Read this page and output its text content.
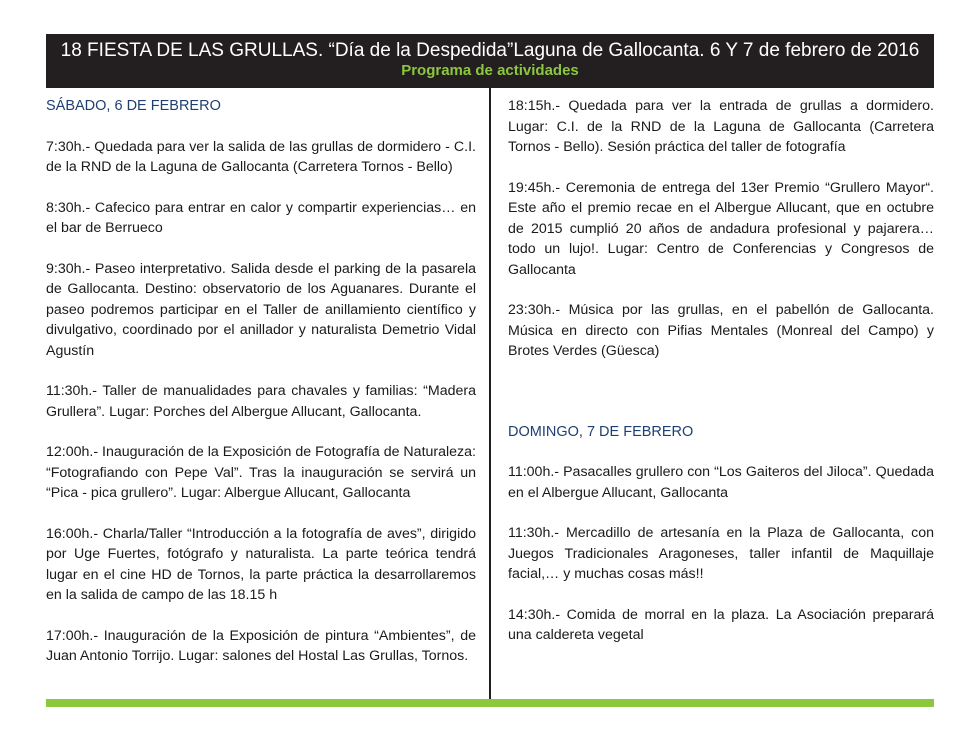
18 FIESTA DE LAS GRULLAS. “Día de la Despedida”Laguna de Gallocanta. 6 Y 7 de febrero de 2016
Programa de actividades

SÁBADO, 6 DE FEBRERO

7:30h.- Quedada para ver la salida de las grullas de dormidero - C.I. de la RND de la Laguna de Gallocanta (Carretera Tornos - Bello)

8:30h.- Cafecico para entrar en calor y compartir experiencias… en el bar de Berrueco

9:30h.- Paseo interpretativo. Salida desde el parking de la pasarela de Gallocanta. Destino: observatorio de los Aguanares. Durante el paseo podremos participar en el Taller de anillamiento científico y divulgativo, coordinado por el anillador y naturalista Demetrio Vidal Agustín

11:30h.- Taller de manualidades para chavales y familias: “Madera Grullera”. Lugar: Porches del Albergue Allucant, Gallocanta.

12:00h.- Inauguración de la Exposición de Fotografía de Naturaleza: “Fotografiando con Pepe Val”. Tras la inauguración se servirá un “Pica - pica grullero”. Lugar: Albergue Allucant, Gallocanta

16:00h.- Charla/Taller “Introducción a la fotografía de aves”, dirigido por Uge Fuertes, fotógrafo y naturalista. La parte teórica tendrá lugar en el cine HD de Tornos, la parte práctica la desarrollaremos en la salida de campo de las 18.15 h

17:00h.- Inauguración de la Exposición de pintura “Ambientes”, de Juan Antonio Torrijo. Lugar: salones del Hostal Las Grullas, Tornos.

18:15h.- Quedada para ver la entrada de grullas a dormidero. Lugar: C.I. de la RND de la Laguna de Gallocanta (Carretera Tornos - Bello). Sesión práctica del taller de fotografía

19:45h.- Ceremonia de entrega del 13er Premio “Grullero Mayor“. Este año el premio recae en el Albergue Allucant, que en octubre de 2015 cumplió 20 años de andadura profesional y pajarera… todo un lujo!. Lugar: Centro de Conferencias y Congresos de Gallocanta

23:30h.- Música por las grullas, en el pabellón de Gallocanta. Música en directo con Pifias Mentales (Monreal del Campo) y Brotes Verdes (Güesca)

DOMINGO, 7 DE FEBRERO

11:00h.- Pasacalles grullero con “Los Gaiteros del Jiloca”. Quedada en el Albergue Allucant, Gallocanta

11:30h.- Mercadillo de artesanía en la Plaza de Gallocanta, con Juegos Tradicionales Aragoneses, taller infantil de Maquillaje facial,… y muchas cosas más!!

14:30h.- Comida de morral en la plaza. La Asociación preparará una caldereta vegetal
